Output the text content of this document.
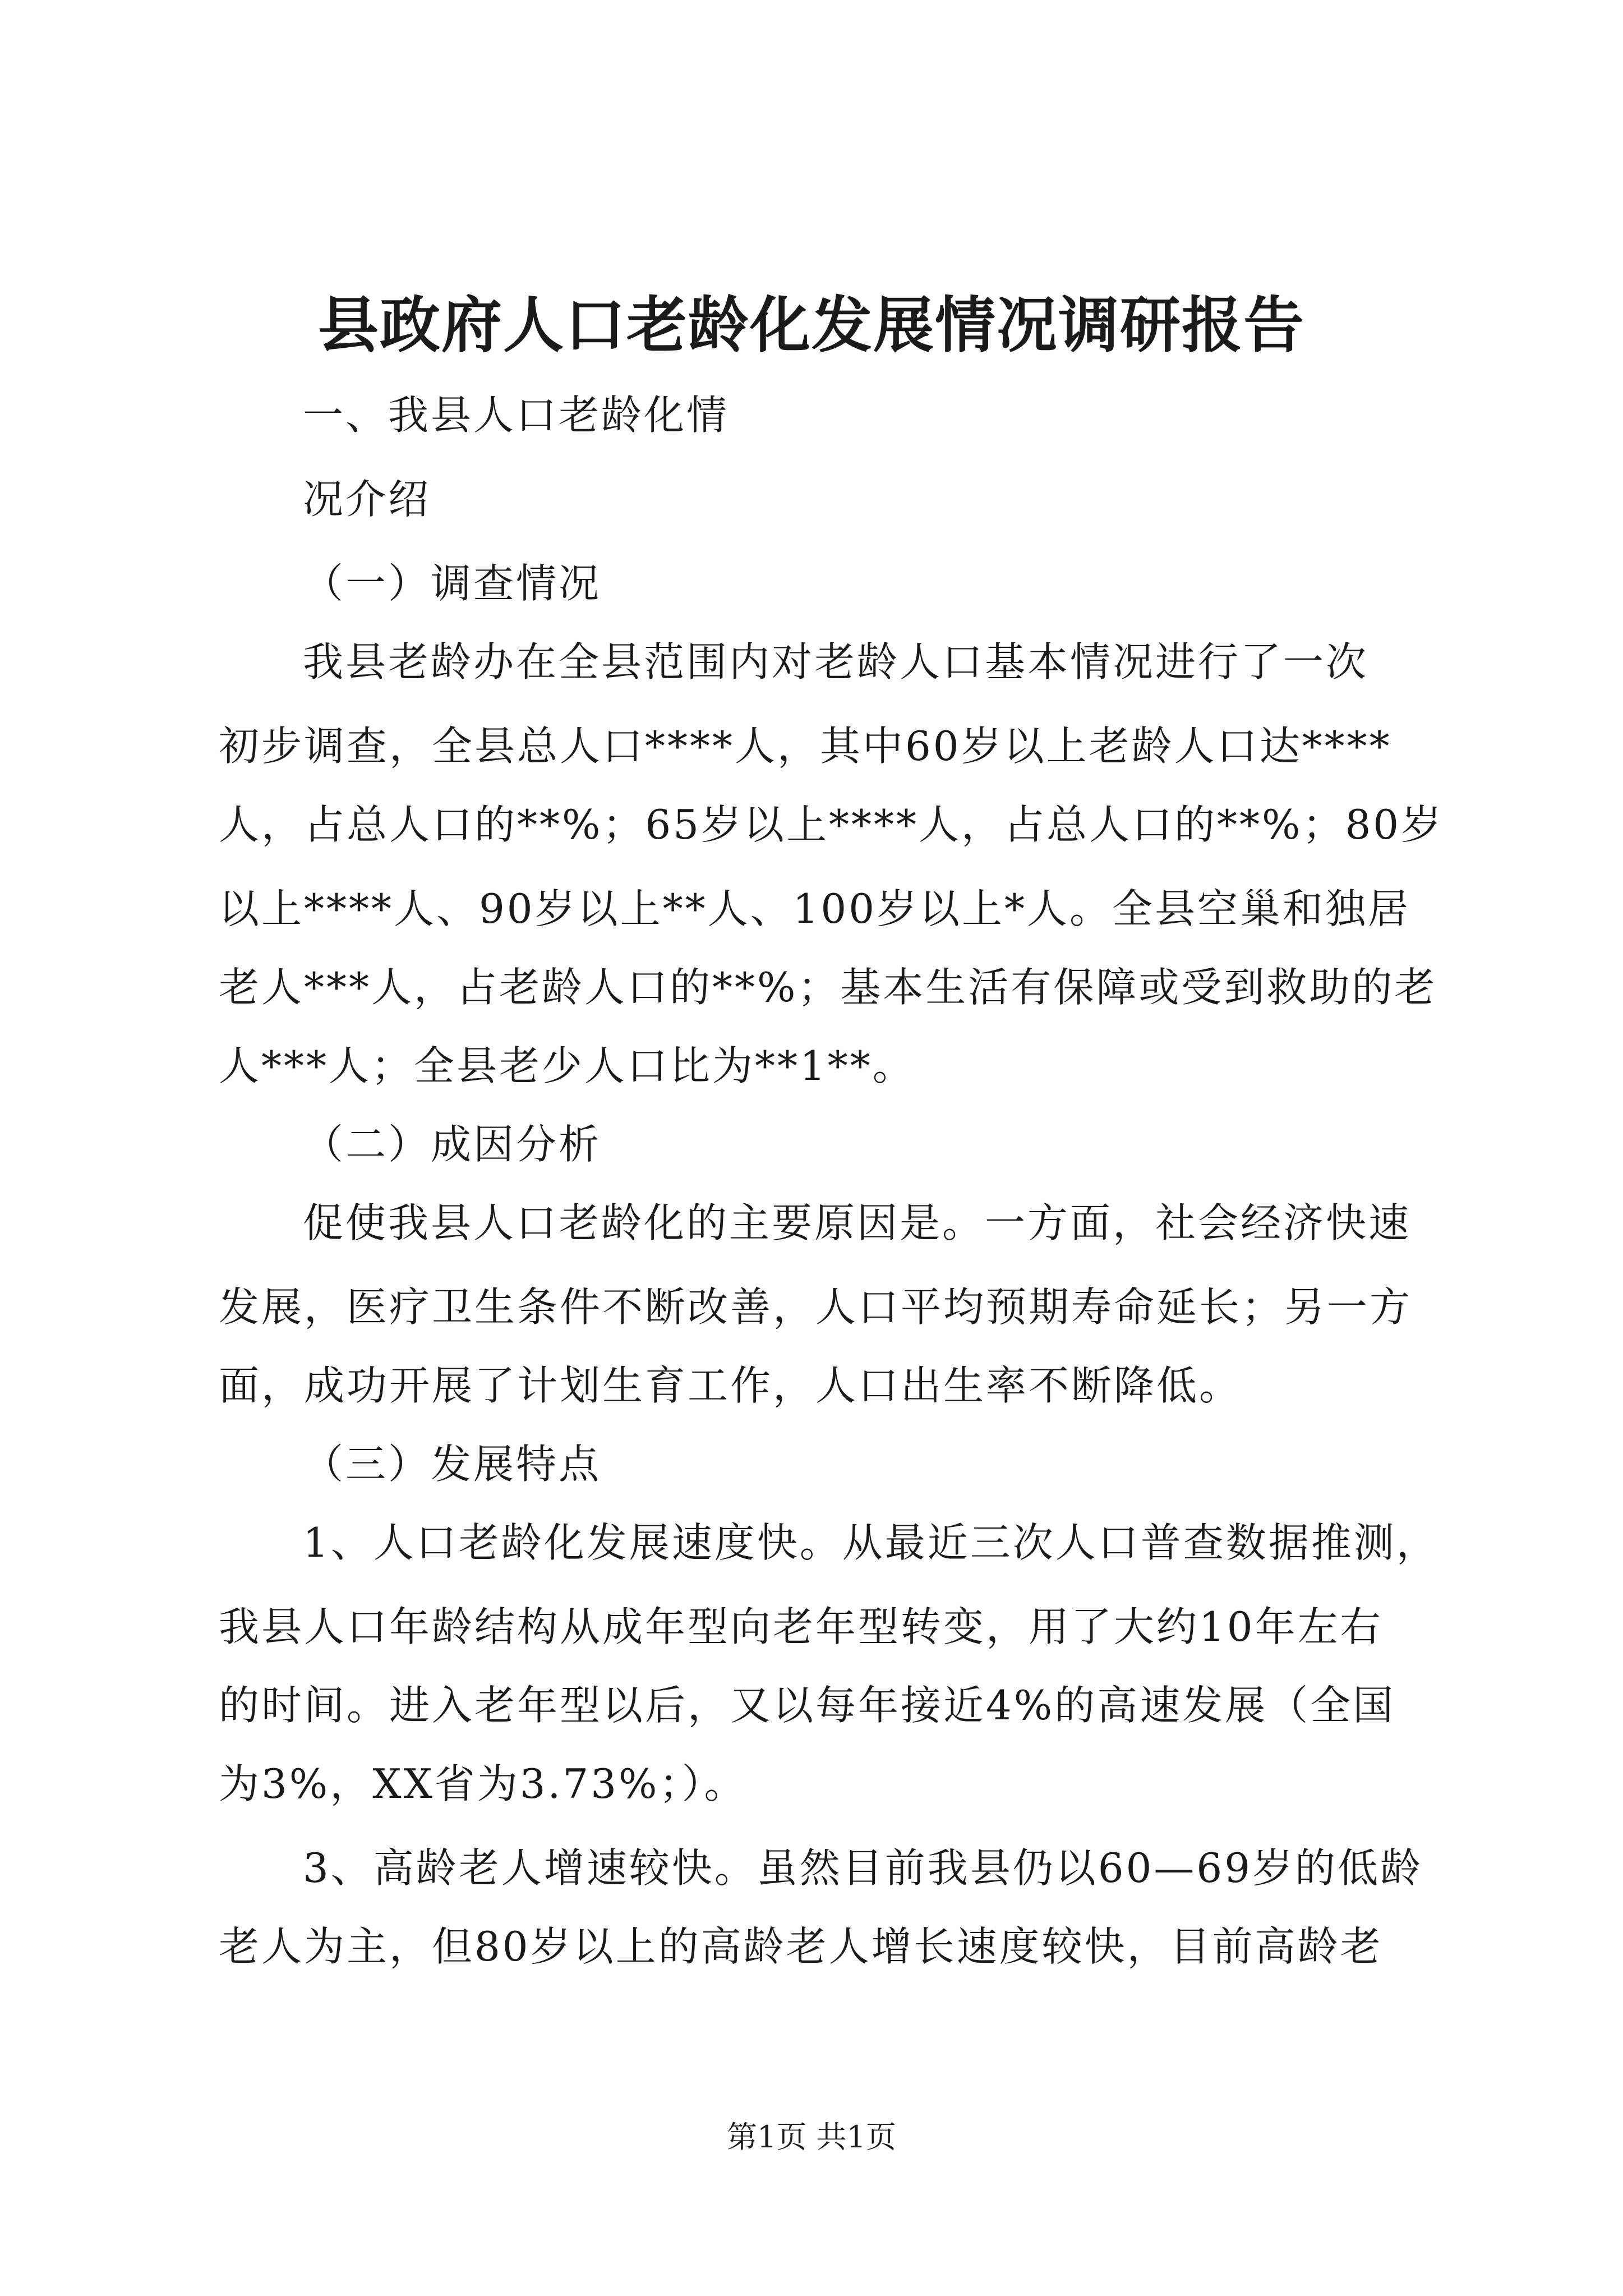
县政府人口老龄化发展情况调研报告
一、我县人口老龄化情
况介绍
（一）调查情况
我县老龄办在全县范围内对老龄人口基本情况进行了一次
初步调查，全县总人口****人，其中60岁以上老龄人口达****
人，占总人口的**%；65岁以上****人，占总人口的**%；80岁
以上****人、90岁以上**人、100岁以上*人。全县空巢和独居
老人***人，占老龄人口的**%；基本生活有保障或受到救助的老
人***人；全县老少人口比为**1**。
（二）成因分析
促使我县人口老龄化的主要原因是。一方面，社会经济快速
发展，医疗卫生条件不断改善，人口平均预期寿命延长；另一方
面，成功开展了计划生育工作，人口出生率不断降低。
（三）发展特点
1、人口老龄化发展速度快。从最近三次人口普查数据推测，
我县人口年龄结构从成年型向老年型转变，用了大约10年左右
的时间。进入老年型以后，又以每年接近4%的高速发展（全国
为3%，XX省为3.73%；）。
3、高龄老人增速较快。虽然目前我县仍以60—69岁的低龄
老人为主，但80岁以上的高龄老人增长速度较快，目前高龄老
第1页 共1页
